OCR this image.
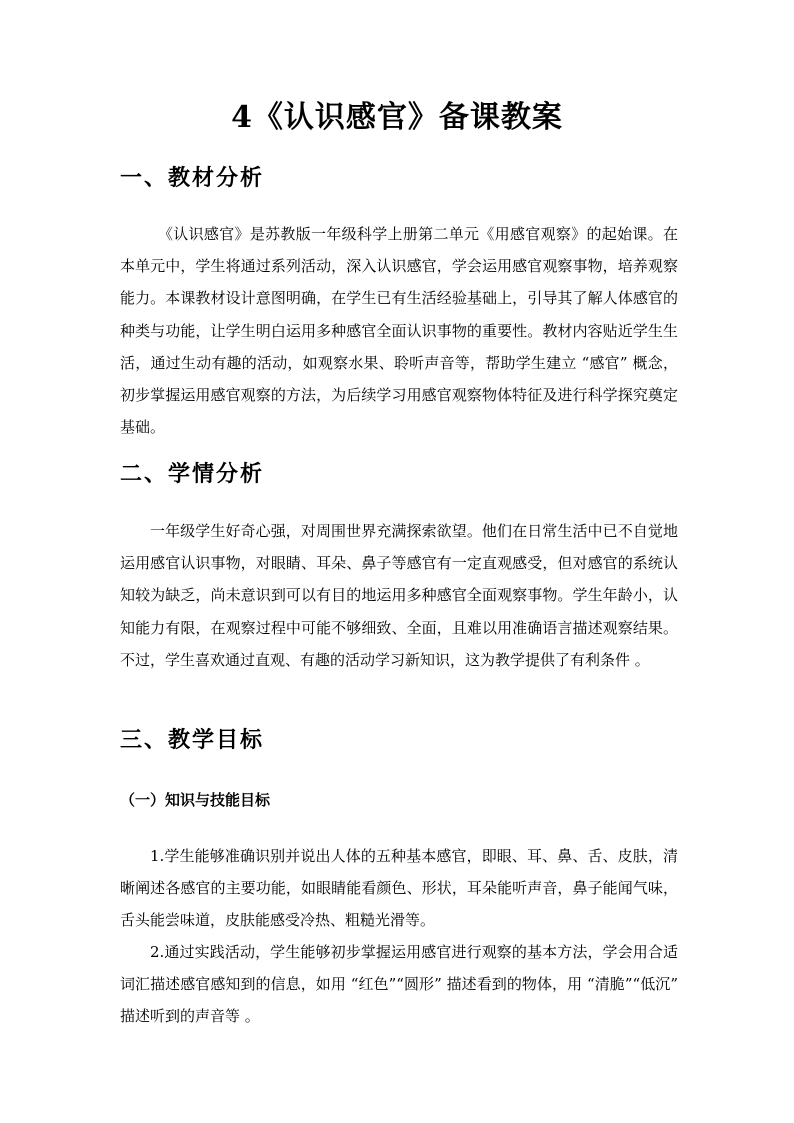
4《认识感官》备课教案
一、教材分析

《认识感官》是苏教版一年级科学上册第二单元《用感官观察》的起始课。在本单元中，学生将通过系列活动，深入认识感官，学会运用感官观察事物，培养观察能力。本课教材设计意图明确，在学生已有生活经验基础上，引导其了解人体感官的种类与功能，让学生明白运用多种感官全面认识事物的重要性。教材内容贴近学生生活，通过生动有趣的活动，如观察水果、聆听声音等，帮助学生建立 “感官” 概念，初步掌握运用感官观察的方法，为后续学习用感官观察物体特征及进行科学探究奠定基础。

二、学情分析

一年级学生好奇心强，对周围世界充满探索欲望。他们在日常生活中已不自觉地运用感官认识事物，对眼睛、耳朵、鼻子等感官有一定直观感受，但对感官的系统认知较为缺乏，尚未意识到可以有目的地运用多种感官全面观察事物。学生年龄小，认知能力有限，在观察过程中可能不够细致、全面，且难以用准确语言描述观察结果。不过，学生喜欢通过直观、有趣的活动学习新知识，这为教学提供了有利条件 。

三、教学目标
（一）知识与技能目标

1.学生能够准确识别并说出人体的五种基本感官，即眼、耳、鼻、舌、皮肤，清晰阐述各感官的主要功能，如眼睛能看颜色、形状，耳朵能听声音，鼻子能闻气味，舌头能尝味道，皮肤能感受冷热、粗糙光滑等。

2.通过实践活动，学生能够初步掌握运用感官进行观察的基本方法，学会用合适词汇描述感官感知到的信息，如用 “红色”“圆形” 描述看到的物体，用 “清脆”“低沉” 描述听到的声音等 。
